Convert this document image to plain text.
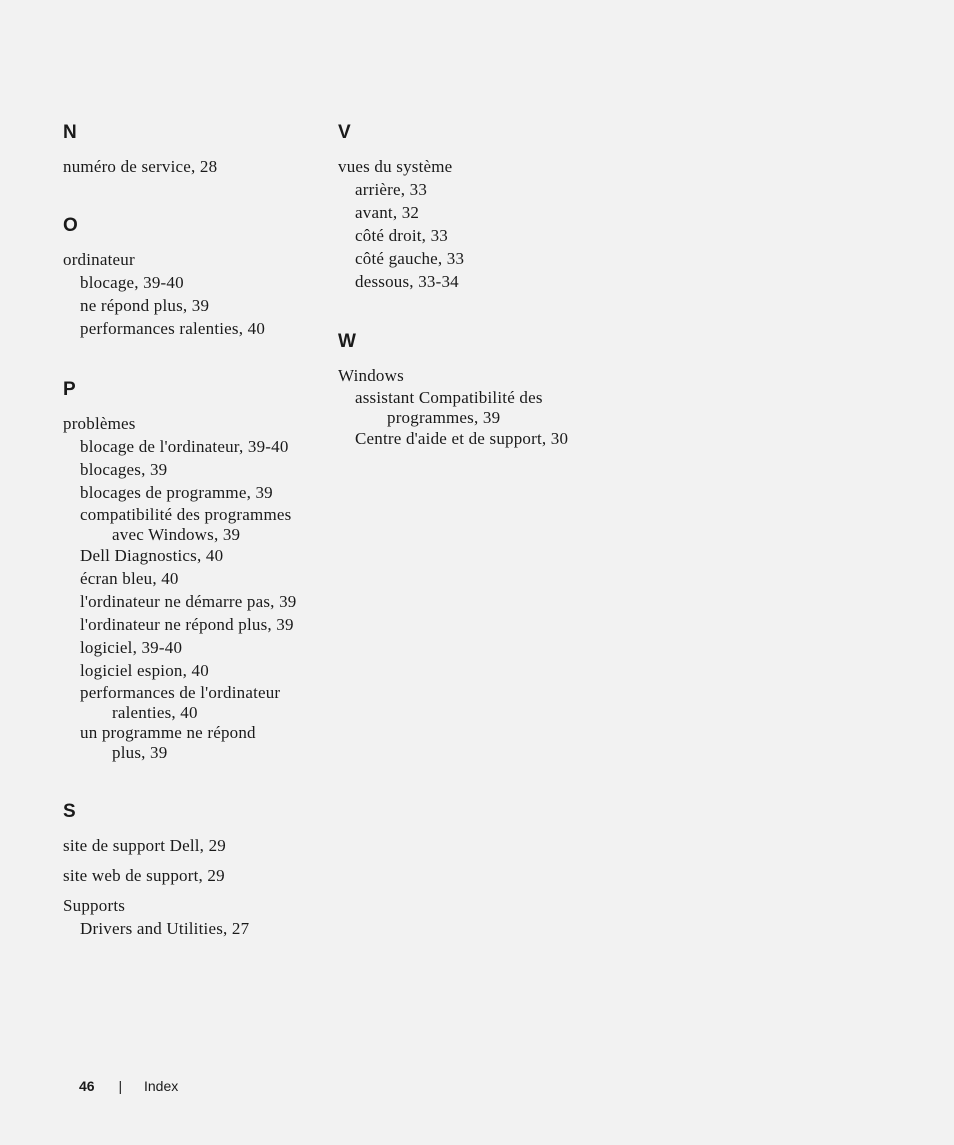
N
numéro de service, 28
O
ordinateur
blocage, 39-40
ne répond plus, 39
performances ralenties, 40
P
problèmes
blocage de l'ordinateur, 39-40
blocages, 39
blocages de programme, 39
compatibilité des programmes
avec Windows, 39
Dell Diagnostics, 40
écran bleu, 40
l'ordinateur ne démarre pas, 39
l'ordinateur ne répond plus, 39
logiciel, 39-40
logiciel espion, 40
performances de l'ordinateur
ralenties, 40
un programme ne répond
plus, 39
S
site de support Dell, 29
site web de support, 29
Supports
Drivers and Utilities, 27
V
vues du système
arrière, 33
avant, 32
côté droit, 33
côté gauche, 33
dessous, 33-34
W
Windows
assistant Compatibilité des
programmes, 39
Centre d'aide et de support, 30
46 | Index
